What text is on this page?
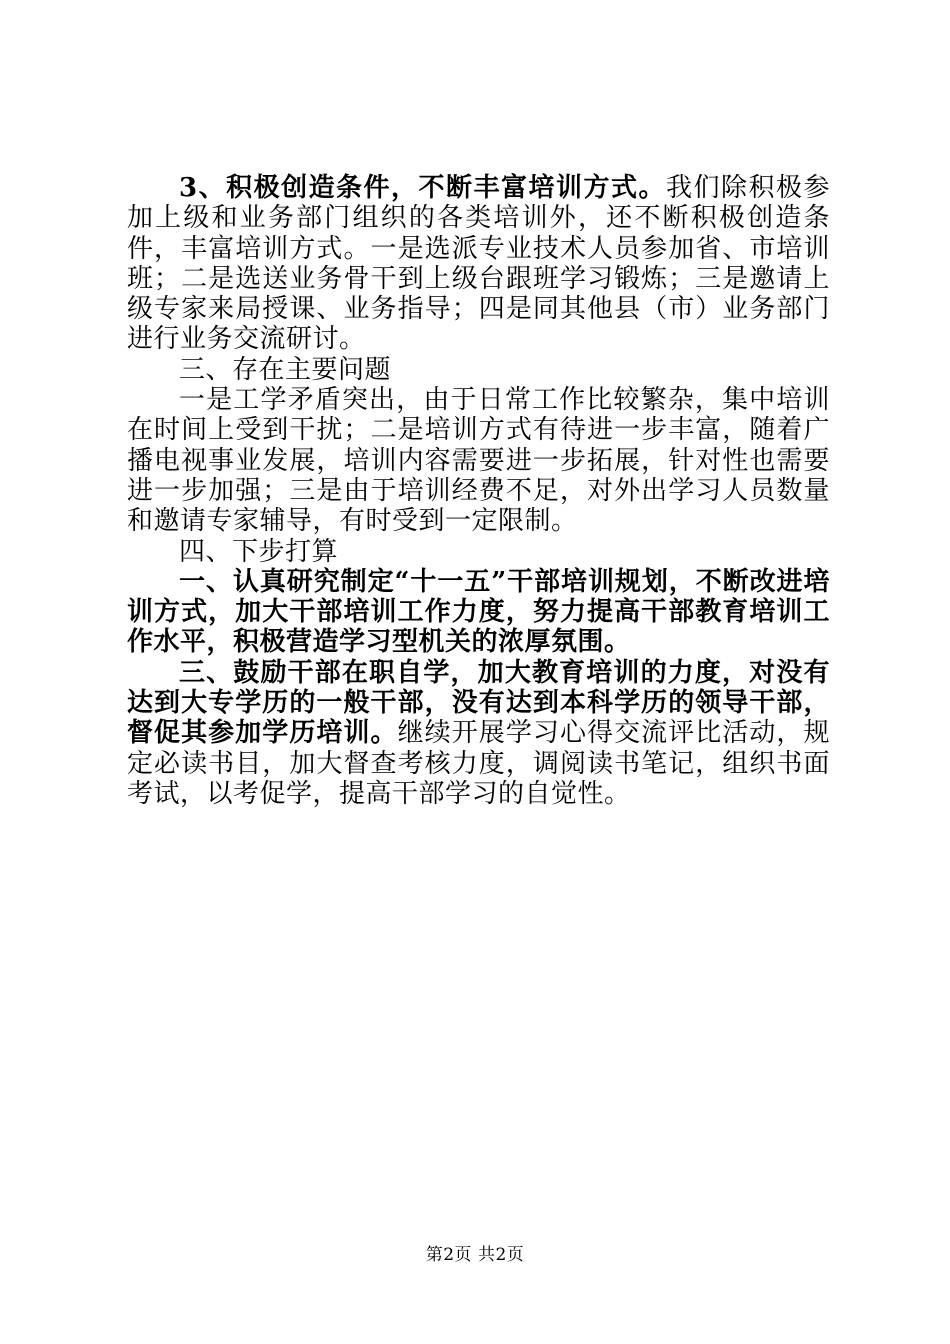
3、积极创造条件，不断丰富培训方式。我们除积极参加上级和业务部门组织的各类培训外，还不断积极创造条件，丰富培训方式。一是选派专业技术人员参加省、市培训班；二是选送业务骨干到上级台跟班学习锻炼；三是邀请上级专家来局授课、业务指导；四是同其他县（市）业务部门进行业务交流研讨。

三、存在主要问题

一是工学矛盾突出，由于日常工作比较繁杂，集中培训在时间上受到干扰；二是培训方式有待进一步丰富，随着广播电视事业发展，培训内容需要进一步拓展，针对性也需要进一步加强；三是由于培训经费不足，对外出学习人员数量和邀请专家辅导，有时受到一定限制。

四、下步打算

一、认真研究制定“十一五”干部培训规划，不断改进培训方式，加大干部培训工作力度，努力提高干部教育培训工作水平，积极营造学习型机关的浓厚氛围。

三、鼓励干部在职自学，加大教育培训的力度，对没有达到大专学历的一般干部，没有达到本科学历的领导干部，督促其参加学历培训。继续开展学习心得交流评比活动，规定必读书目，加大督查考核力度，调阅读书笔记，组织书面考试，以考促学，提高干部学习的自觉性。

第2页 共2页
